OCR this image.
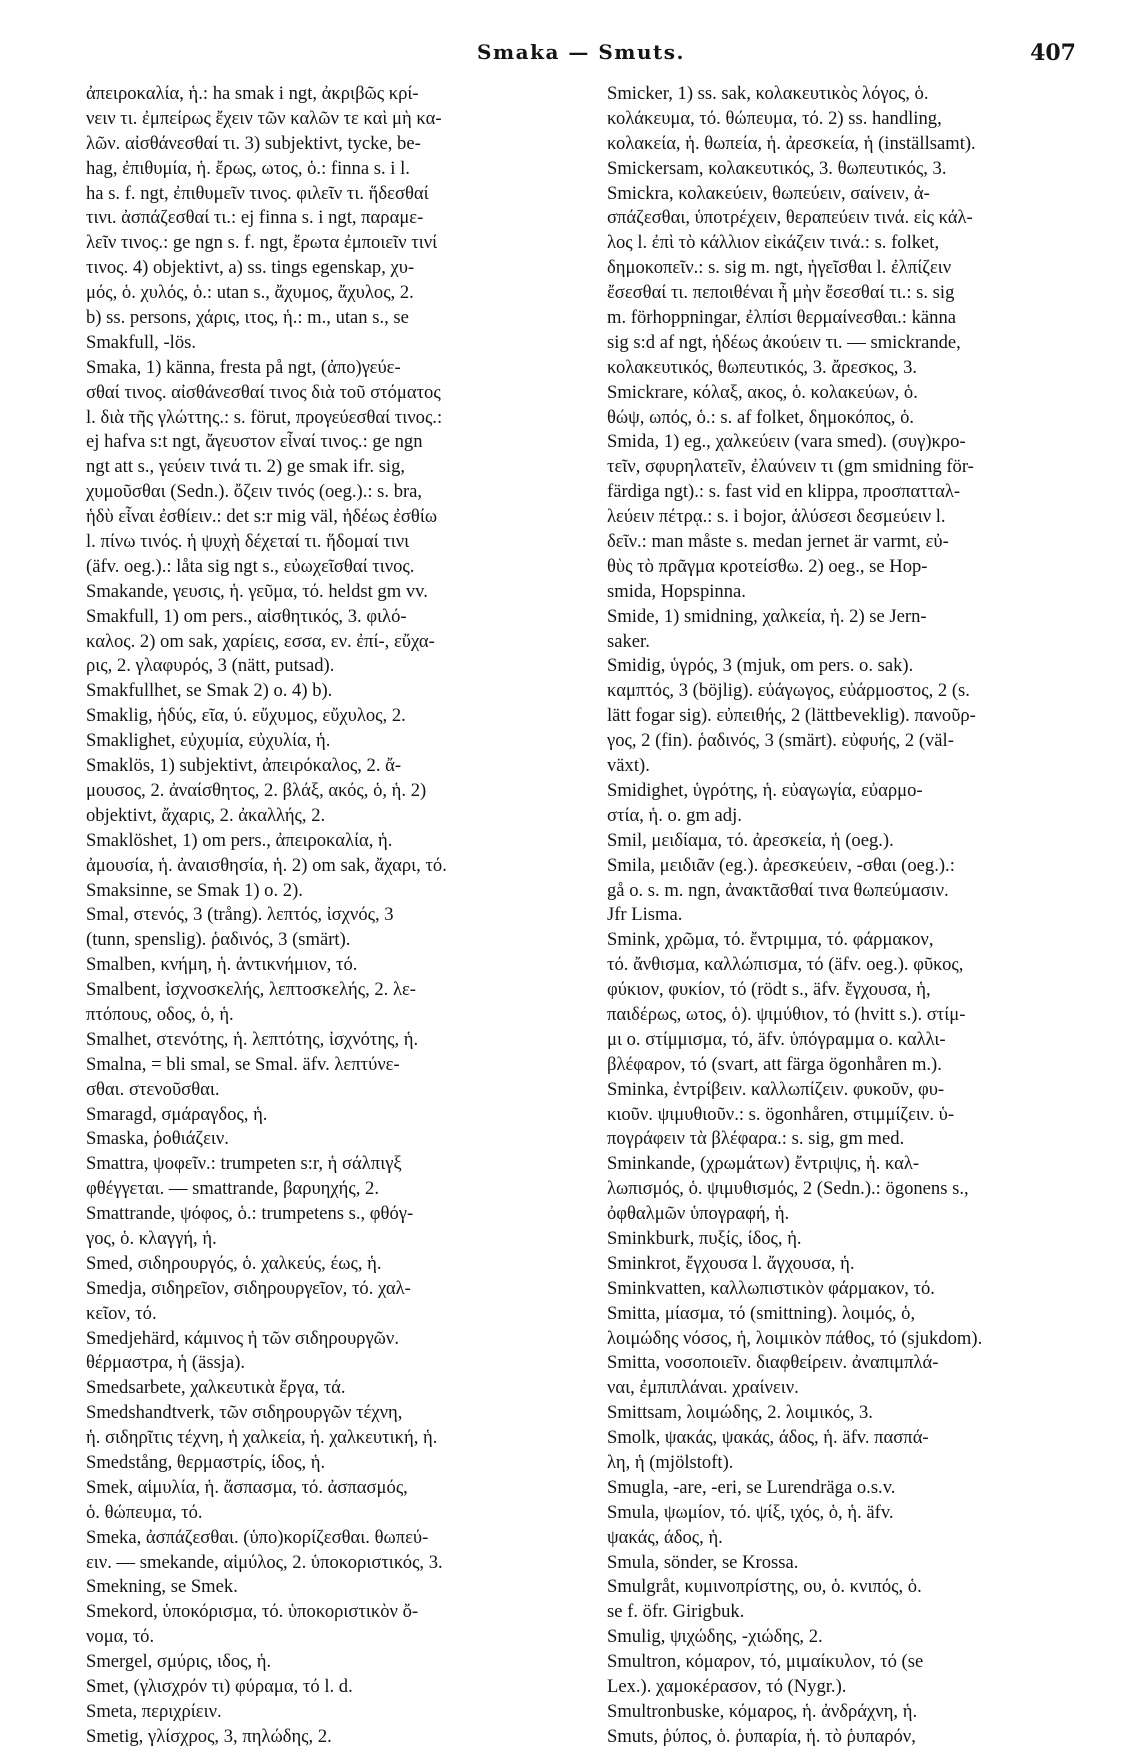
Smaka — Smuts.	407
ἀπειροκαλία, ἡ.: ha smak i ngt, ἀκριβῶς κρί-
νειν τι. ἐμπείρως ἔχειν τῶν καλῶν τε καὶ μὴ κα-
λῶν. αἰσθάνεσθαί τι. 3) subjektivt, tycke, be-
hag, ἐπιθυμία, ἡ. ἔρως, ωτος, ὁ.: finna s. i l.
ha s. f. ngt, ἐπιθυμεῖν τινος. φιλεῖν τι. ἥδεσθαί
τινι. ἀσπάζεσθαί τι.: ej finna s. i ngt, παραμε-
λεῖν τινος.: ge ngn s. f. ngt, ἔρωτα ἐμποιεῖν τινί
τινος. 4) objektivt, a) ss. tings egenskap, χυ-
μός, ὁ. χυλός, ὁ.: utan s., ἄχυμος, ἄχυλος, 2.
b) ss. persons, χάρις, ιτος, ἡ.: m., utan s., se
Smakfull, -lös.
Smaka, 1) känna, fresta på ngt, (ἀπο)γεύε-
σθαί τινος. αἰσθάνεσθαί τινος διὰ τοῦ στόματος
l. διὰ τῆς γλώττης.: s. förut, προγεύεσθαί τινος.:
ej hafva s:t ngt, ἄγευστον εἶναί τινος.: ge ngn
ngt att s., γεύειν τινά τι. 2) ge smak ifr. sig,
χυμοῦσθαι (Sedn.). ὄζειν τινός (oeg.).: s. bra,
ἡδὺ εἶναι ἐσθίειν.: det s:r mig väl, ἡδέως ἐσθίω
l. πίνω τινός. ἡ ψυχὴ δέχεταί τι. ἥδομαί τινι
(äfv. oeg.).: låta sig ngt s., εὐωχεῖσθαί τινος.
Smakande, γευσις, ἡ. γεῦμα, τό. heldst gm vv.
Smakfull, 1) om pers., αἰσθητικός, 3. φιλό-
καλος. 2) om sak, χαρίεις, εσσα, εν. ἐπί-, εὔχα-
ρις, 2. γλαφυρός, 3 (nätt, putsad).
Smakfullhet, se Smak 2) o. 4) b).
Smaklig, ἡδύς, εῖα, ύ. εὔχυμος, εὔχυλος, 2.
Smaklighet, εὐχυμία, εὐχυλία, ἡ.
Smaklös, 1) subjektivt, ἀπειρόκαλος, 2. ἄ-
μουσος, 2. ἀναίσθητος, 2. βλάξ, ακός, ὁ, ἡ. 2)
objektivt, ἄχαρις, 2. ἀκαλλής, 2.
Smaklöshet, 1) om pers., ἀπειροκαλία, ἡ.
ἀμουσία, ἡ. ἀναισθησία, ἡ. 2) om sak, ἄχαρι, τό.
Smaksinne, se Smak 1) o. 2).
Smal, στενός, 3 (trång). λεπτός, ἰσχνός, 3
(tunn, spenslig). ῥαδινός, 3 (smärt).
Smalben, κνήμη, ἡ. ἀντικνήμιον, τό.
Smalbent, ἰσχνοσκελής, λεπτοσκελής, 2. λε-
πτόπους, οδος, ὁ, ἡ.
Smalhet, στενότης, ἡ. λεπτότης, ἰσχνότης, ἡ.
Smalna, = bli smal, se Smal. äfv. λεπτύνε-
σθαι. στενοῦσθαι.
Smaragd, σμάραγδος, ἡ.
Smaska, ῥοθιάζειν.
Smattra, ψοφεῖν.: trumpeten s:r, ἡ σάλπιγξ
φθέγγεται. — smattrande, βαρυηχής, 2.
Smattrande, ψόφος, ὁ.: trumpetens s., φθόγ-
γος, ὁ. κλαγγή, ἡ.
Smed, σιδηρουργός, ὁ. χαλκεύς, έως, ἡ.
Smedja, σιδηρεῖον, σιδηρουργεῖον, τό. χαλ-
κεῖον, τό.
Smedjehärd, κάμινος ἡ τῶν σιδηρουργῶν.
θέρμαστρα, ἡ (ässja).
Smedsarbete, χαλκευτικὰ ἔργα, τά.
Smedshandtverk, τῶν σιδηρουργῶν τέχνη,
ἡ. σιδηρῖτις τέχνη, ἡ χαλκεία, ἡ. χαλκευτική, ἡ.
Smedstång, θερμαστρίς, ίδος, ἡ.
Smek, αἱμυλία, ἡ. ἄσπασμα, τό. ἀσπασμός,
ὁ. θώπευμα, τό.
Smeka, ἀσπάζεσθαι. (ὑπο)κορίζεσθαι. θωπεύ-
ειν. — smekande, αἱμύλος, 2. ὑποκοριστικός, 3.
Smekning, se Smek.
Smekord, ὑποκόρισμα, τό. ὑποκοριστικὸν ὄ-
νομα, τό.
Smergel, σμύρις, ιδος, ἡ.
Smet, (γλισχρόν τι) φύραμα, τό l. d.
Smeta, περιχρίειν.
Smetig, γλίσχρος, 3, πηλώδης, 2.
Smicker, 1) ss. sak, κολακευτικὸς λόγος, ὁ.
κολάκευμα, τό. θώπευμα, τό. 2) ss. handling,
κολακεία, ἡ. θωπεία, ἡ. ἀρεσκεία, ἡ (inställsamt).
Smickersam, κολακευτικός, 3. θωπευτικός, 3.
Smickra, κολακεύειν, θωπεύειν, σαίνειν, ἀ-
σπάζεσθαι, ὑποτρέχειν, θεραπεύειν τινά. εἰς κάλ-
λος l. ἐπὶ τὸ κάλλιον εἰκάζειν τινά.: s. folket,
δημοκοπεῖν.: s. sig m. ngt, ἡγεῖσθαι l. ἐλπίζειν
ἔσεσθαί τι. πεποιθέναι ἦ μὴν ἔσεσθαί τι.: s. sig
m. förhoppningar, ἐλπίσι θερμαίνεσθαι.: känna
sig s:d af ngt, ἡδέως ἀκούειν τι. — smickrande,
κολακευτικός, θωπευτικός, 3. ἄρεσκος, 3.
Smickrare, κόλαξ, ακος, ὁ. κολακεύων, ὁ.
θώψ, ωπός, ὁ.: s. af folket, δημοκόπος, ὁ.
Smida, 1) eg., χαλκεύειν (vara smed). (συγ)κρο-
τεῖν, σφυρηλατεῖν, ἐλαύνειν τι (gm smidning för-
färdiga ngt).: s. fast vid en klippa, προσπατταλ-
λεύειν πέτρᾳ.: s. i bojor, ἁλύσεσι δεσμεύειν l.
δεῖν.: man måste s. medan jernet är varmt, εὐ-
θὺς τὸ πρᾶγμα κροτείσθω. 2) oeg., se Hop-
smida, Hopspinna.
Smide, 1) smidning, χαλκεία, ἡ. 2) se Jern-
saker.
Smidig, ὑγρός, 3 (mjuk, om pers. o. sak).
καμπτός, 3 (böjlig). εὐάγωγος, εὐάρμοστος, 2 (s.
lätt fogar sig). εὐπειθής, 2 (lättbeveklig). πανοῦρ-
γος, 2 (fin). ῥαδινός, 3 (smärt). εὐφυής, 2 (väl-
växt).
Smidighet, ὑγρότης, ἡ. εὐαγωγία, εὐαρμο-
στία, ἡ. o. gm adj.
Smil, μειδίαμα, τό. ἀρεσκεία, ἡ (oeg.).
Smila, μειδιᾶν (eg.). ἀρεσκεύειν, -σθαι (oeg.).:
gå o. s. m. ngn, ἀνακτᾶσθαί τινα θωπεύμασιν.
Jfr Lisma.
Smink, χρῶμα, τό. ἔντριμμα, τό. φάρμακον,
τό. ἄνθισμα, καλλώπισμα, τό (äfv. oeg.). φῦκος,
φύκιον, φυκίον, τό (rödt s., äfv. ἔγχουσα, ἡ,
παιδέρως, ωτος, ὁ). ψιμύθιον, τό (hvitt s.). στίμ-
μι o. στίμμισμα, τό, äfv. ὑπόγραμμα o. καλλι-
βλέφαρον, τό (svart, att färga ögonhåren m.).
Sminka, ἐντρίβειν. καλλωπίζειν. φυκοῦν, φυ-
κιοῦν. ψιμυθιοῦν.: s. ögonhåren, στιμμίζειν. ὑ-
πογράφειν τὰ βλέφαρα.: s. sig, gm med.
Sminkande, (χρωμάτων) ἔντριψις, ἡ. καλ-
λωπισμός, ὁ. ψιμυθισμός, 2 (Sedn.).: ögonens s.,
ὀφθαλμῶν ὑπογραφή, ἡ.
Sminkburk, πυξίς, ίδος, ἡ.
Sminkrot, ἔγχουσα l. ἄγχουσα, ἡ.
Sminkvatten, καλλωπιστικὸν φάρμακον, τό.
Smitta, μίασμα, τό (smittning). λοιμός, ὁ,
λοιμώδης νόσος, ἡ, λοιμικὸν πάθος, τό (sjukdom).
Smitta, νοσοποιεῖν. διαφθείρειν. ἀναπιμπλά-
ναι, ἐμπιπλάναι. χραίνειν.
Smittsam, λοιμώδης, 2. λοιμικός, 3.
Smolk, ψακάς, ψακάς, άδος, ἡ. äfv. πασπά-
λη, ἡ (mjölstoft).
Smugla, -are, -eri, se Lurendräga o.s.v.
Smula, ψωμίον, τό. ψίξ, ιχός, ὁ, ἡ. äfv.
ψακάς, άδος, ἡ.
Smula, sönder, se Krossa.
Smulgråt, κυμινοπρίστης, ου, ὁ. κνιπός, ὁ.
se f. öfr. Girigbuk.
Smulig, ψιχώδης, -χιώδης, 2.
Smultron, κόμαρον, τό, μιμαίκυλον, τό (se
Lex.). χαμοκέρασον, τό (Nygr.).
Smultronbuske, κόμαρος, ἡ. ἀνδράχνη, ἡ.
Smuts, ῥύπος, ὁ. ῥυπαρία, ἡ. τὸ ῥυπαρόν,
